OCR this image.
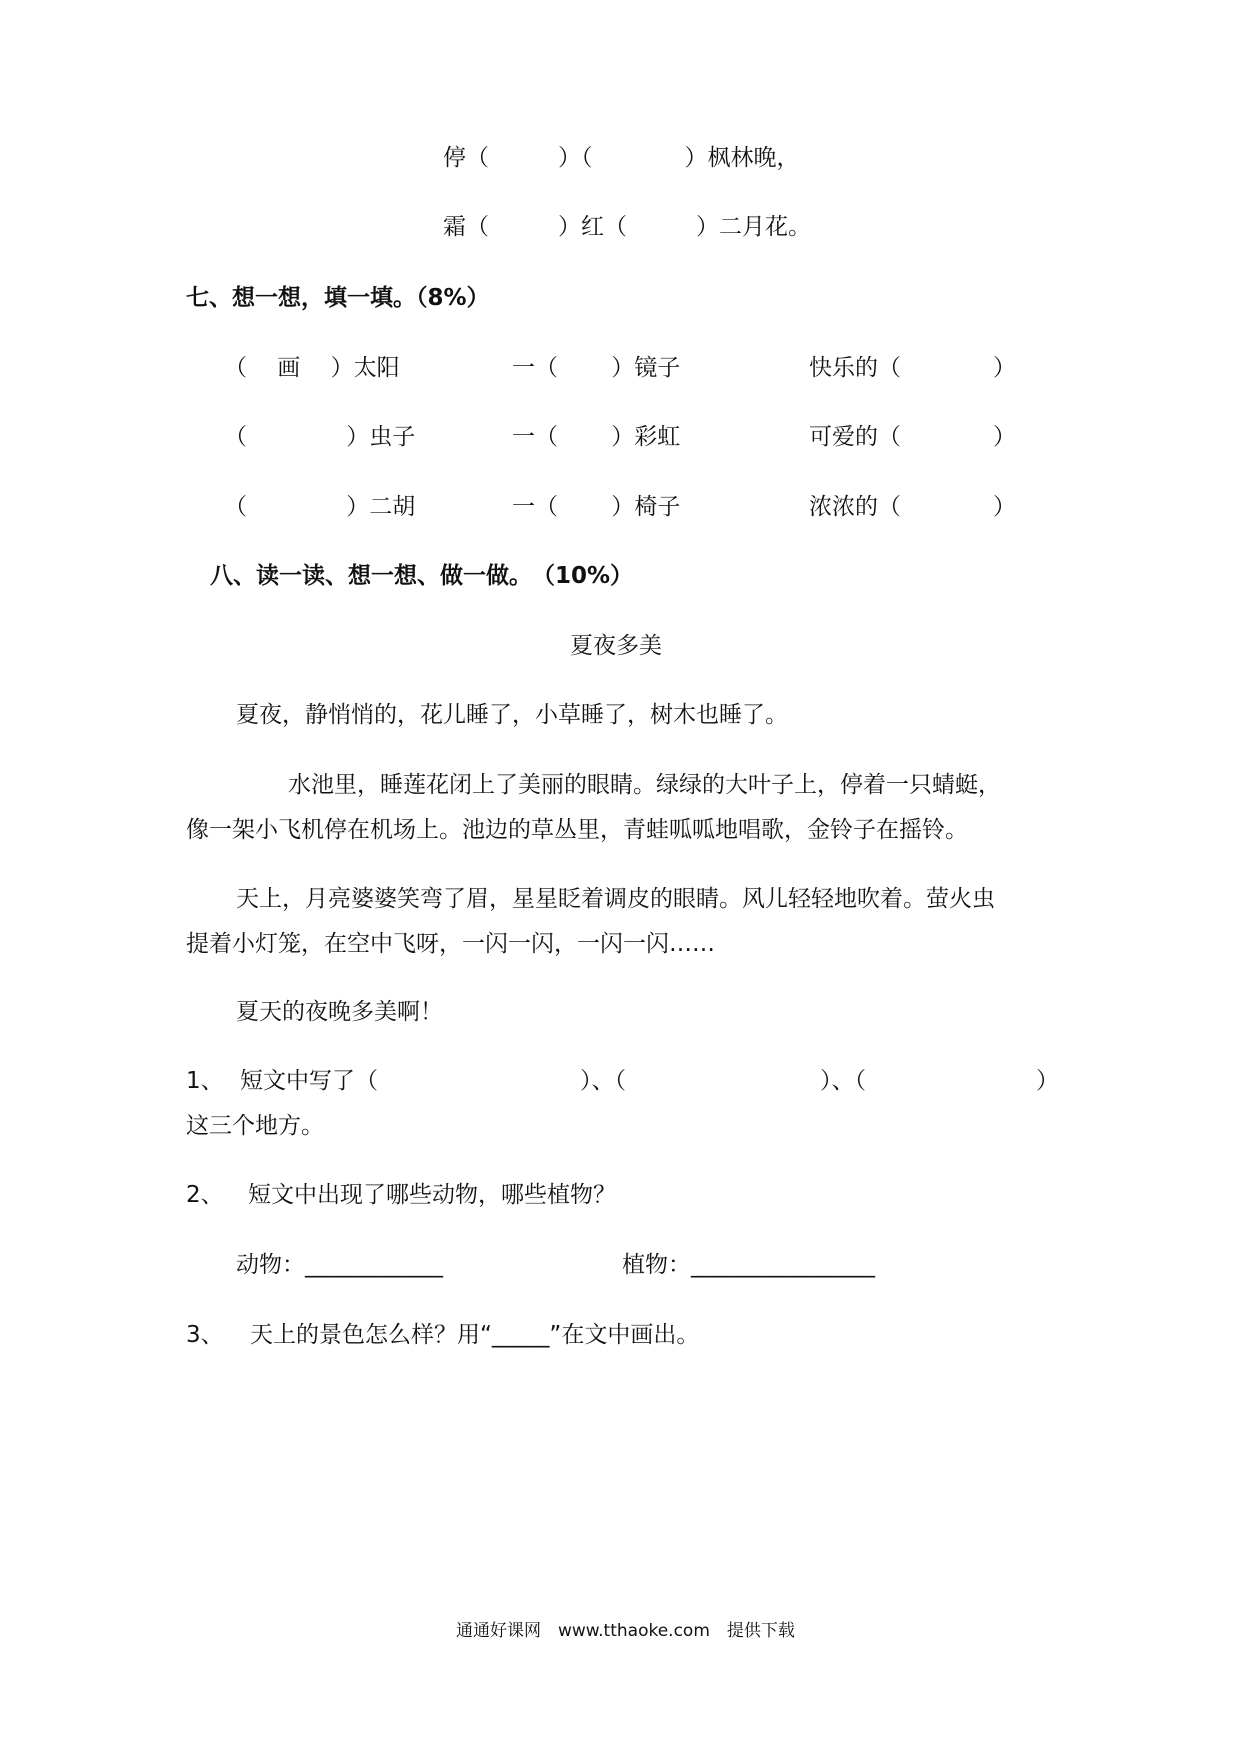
停（　　　）（　　　　）枫林晚，
霜（　　　）红（　　　）二月花。
七、想一想，填一填。（8%）
（　 画 　）太阳	一（　　 ）镜子	快乐的（　　　　）
（　　　　 ）虫子	一（　　 ）彩虹	可爱的（　　　　）
（　　　　 ）二胡	一（　　 ）椅子	浓浓的（　　　　）
八、读一读、想一想、做一做。　（10%）
夏夜多美
夏夜，静悄悄的，花儿睡了，小草睡了，树木也睡了。
水池里，睡莲花闭上了美丽的眼睛。绿绿的大叶子上，停着一只蜻蜓，
像一架小飞机停在机场上。池边的草丛里，青蛙呱呱地唱歌，金铃子在摇铃。
天上，月亮婆婆笑弯了眉，星星眨着调皮的眼睛。风儿轻轻地吹着。萤火虫
提着小灯笼，在空中飞呀，一闪一闪，一闪一闪……
夏天的夜晚多美啊！
1、 短文中写了（	）、（	）、（	）
这三个地方。
2、 短文中出现了哪些动物，哪些植物？
动物：____________	植物：________________
3、 天上的景色怎么样？用“_____”在文中画出。
通通好课网　www.tthaoke.com　提供下载
